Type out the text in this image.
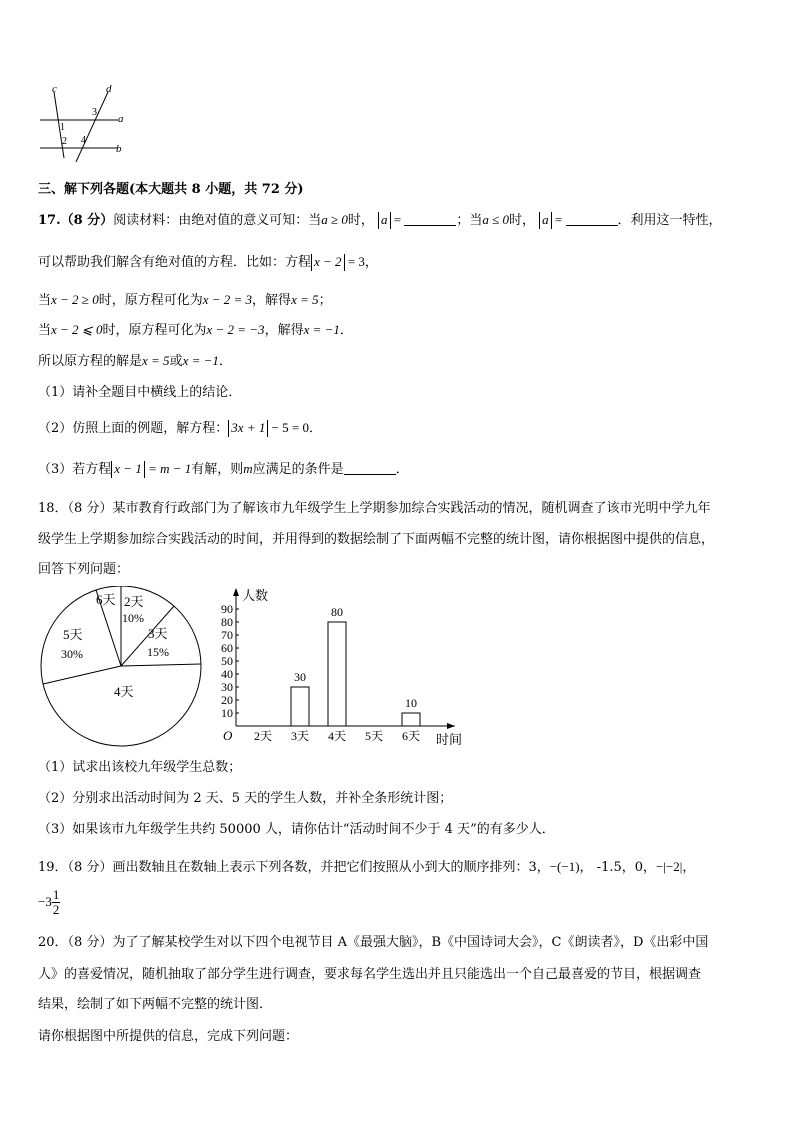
c	d
a
b
1
2
3
4
三、解下列各题(本大题共 8 小题，共 72 分)
17.（8 分）阅读材料：由绝对值的意义可知：当a ≥ 0时， a =	；当a ≤ 0时， a =	．利用这一特性，
可以帮助我们解含有绝对值的方程．比如：方程 x − 2 = 3，
当x − 2 ≥ 0时，原方程可化为x − 2 = 3，解得x = 5；
当x − 2 ⩽ 0时，原方程可化为x − 2 = −3，解得x = −1．
所以原方程的解是x = 5或x = −1．
（1）请补全题目中横线上的结论．
（2）仿照上面的例题，解方程： 3x + 1 − 5 = 0．
（3）若方程 x − 1 = m − 1有解，则m应满足的条件是	．
18．（8 分）某市教育行政部门为了解该市九年级学生上学期参加综合实践活动的情况，随机调查了该市光明中学九年
级学生上学期参加综合实践活动的时间，并用得到的数据绘制了下面两幅不完整的统计图，请你根据图中提供的信息，
回答下列问题：
6天 2天
10%
3天
15%
4天
5天
30%
人数
时间
O
10
20
30
40
50
60
70
80
90
2天 3天
30
4天
80
5天 6天
10
（1）试求出该校九年级学生总数；
（2）分别求出活动时间为 2 天、5 天的学生人数，并补全条形统计图；
（3）如果该市九年级学生共约 50000 人，请你估计“活动时间不少于 4 天”的有多少人．
19．（8 分）画出数轴且在数轴上表示下列各数，并把它们按照从小到大的顺序排列：3，−(−1)， -1.5，0，−|−2|，
$-3 \frac{1}{2}$
20．（8 分）为了了解某校学生对以下四个电视节目 A《最强大脑》，B《中国诗词大会》，C《朗读者》，D《出彩中国
人》的喜爱情况，随机抽取了部分学生进行调查，要求每名学生选出并且只能选出一个自己最喜爱的节目，根据调查
结果，绘制了如下两幅不完整的统计图．
请你根据图中所提供的信息，完成下列问题：
